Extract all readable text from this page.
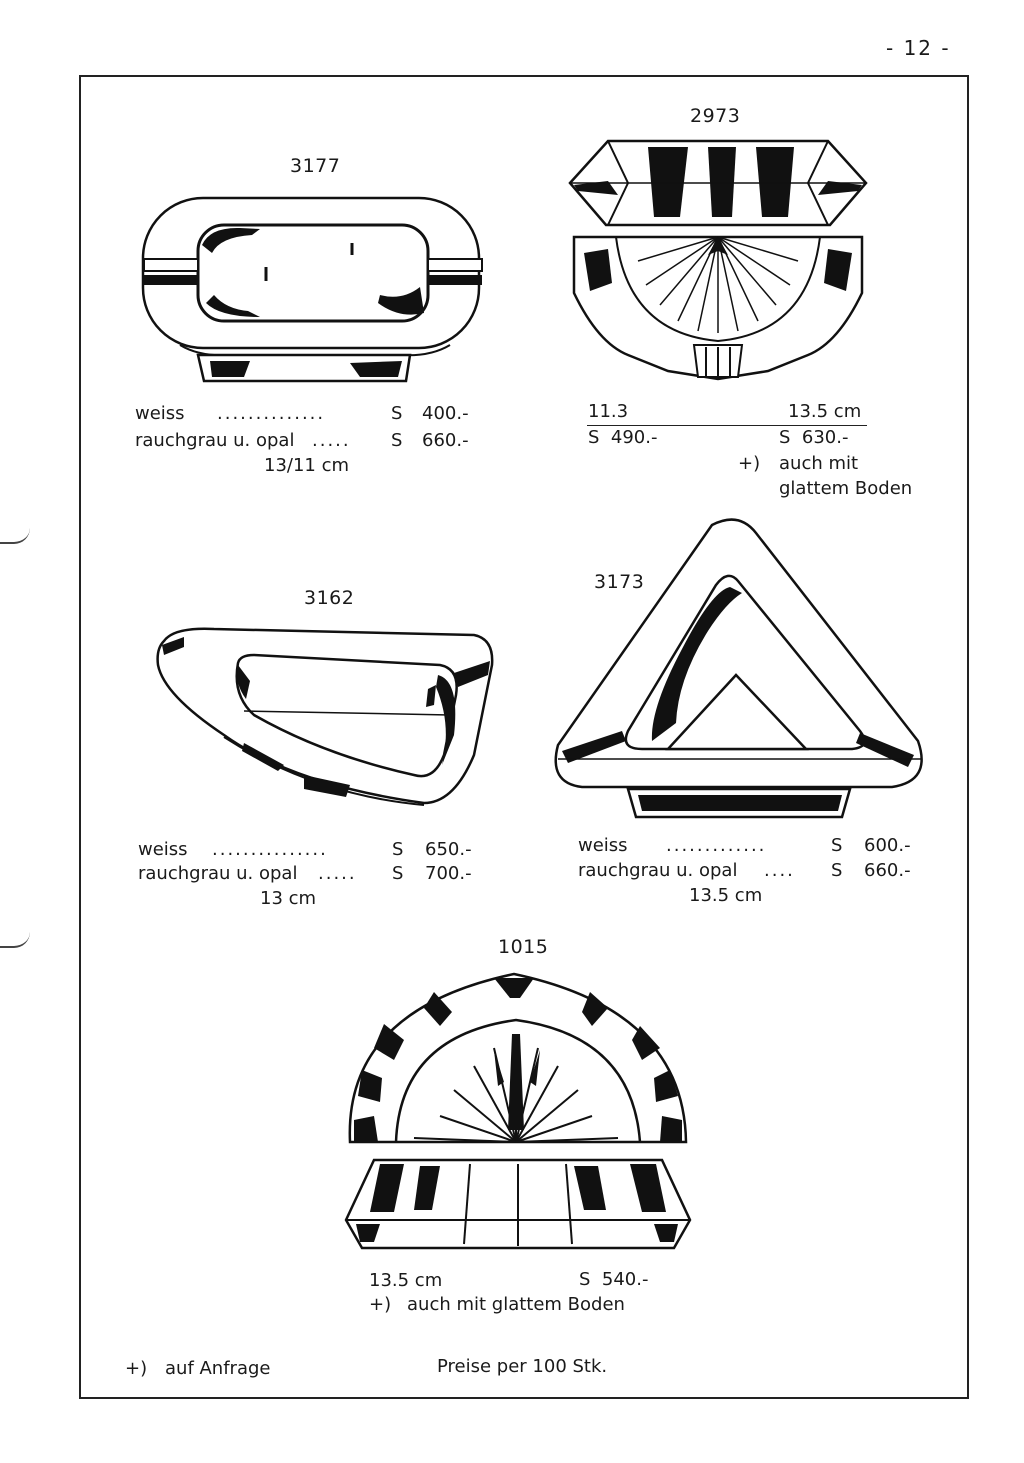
- 12 -
3177
weiss ..............	S 400.-
rauchgrau u. opal ..... S 660.-
13/11 cm
2973
11.3	13.5 cm
S  490.-	S  630.-
+) auch mit
glattem Boden
3162
weiss ...............	S 650.-
rauchgrau u. opal ..... S 700.-
13 cm
3173
weiss .............	S 600.-
rauchgrau u. opal .... S 660.-
13.5 cm
1015
13.5 cm	S  540.-
+) auch mit glattem Boden
+) auf Anfrage	Preise per 100 Stk.
